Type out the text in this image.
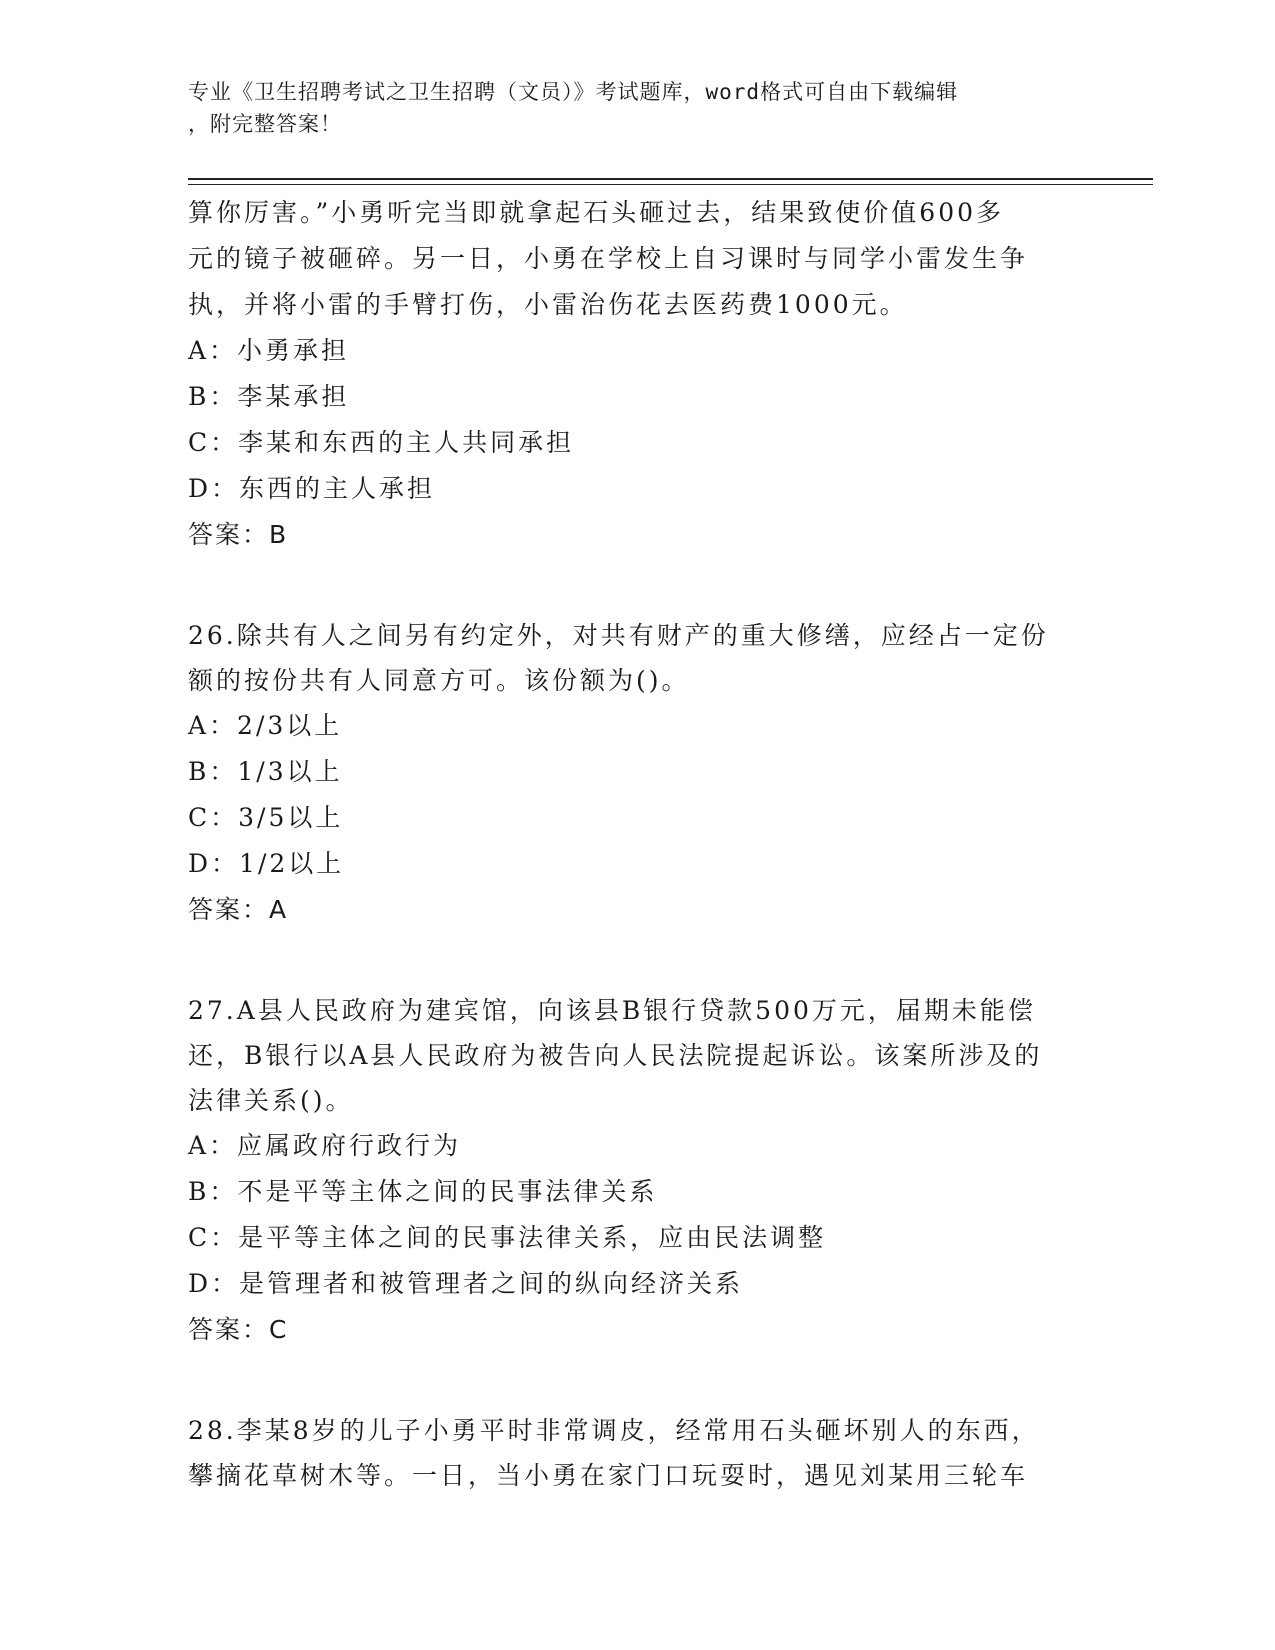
专业《卫生招聘考试之卫生招聘（文员）》考试题库，word格式可自由下载编辑
，附完整答案！

算你厉害。”小勇听完当即就拿起石头砸过去，结果致使价值600多

元的镜子被砸碎。另一日，小勇在学校上自习课时与同学小雷发生争

执，并将小雷的手臂打伤，小雷治伤花去医药费1000元。

A：小勇承担

B：李某承担

C：李某和东西的主人共同承担

D：东西的主人承担

答案：B

26.除共有人之间另有约定外，对共有财产的重大修缮，应经占一定份

额的按份共有人同意方可。该份额为()。

A：2/3以上

B：1/3以上

C：3/5以上

D：1/2以上

答案：A

27.A县人民政府为建宾馆，向该县B银行贷款500万元，届期未能偿

还，B银行以A县人民政府为被告向人民法院提起诉讼。该案所涉及的

法律关系()。

A：应属政府行政行为

B：不是平等主体之间的民事法律关系

C：是平等主体之间的民事法律关系，应由民法调整

D：是管理者和被管理者之间的纵向经济关系

答案：C

28.李某8岁的儿子小勇平时非常调皮，经常用石头砸坏别人的东西，

攀摘花草树木等。一日，当小勇在家门口玩耍时，遇见刘某用三轮车
